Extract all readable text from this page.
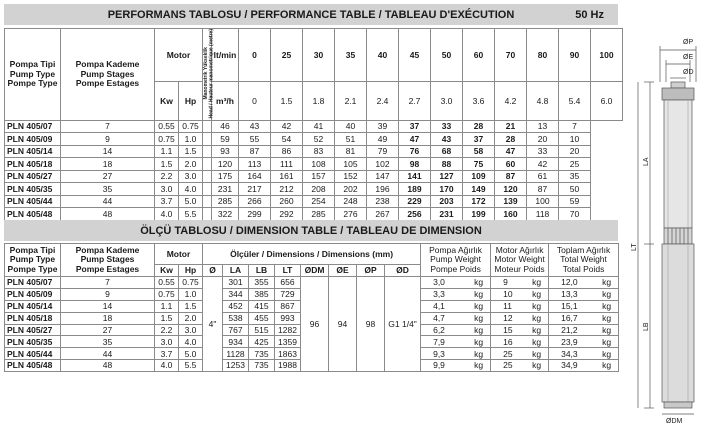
PERFORMANS TABLOSU / PERFORMANCE TABLE / TABLEAU D'EXÉCUTION	50 Hz
Pompa Tipi
Pump Type
Pompe Type	Pompa Kademe
Pump Stages
Pompe Estages	Motor		Manometrik Yükseklik
Head / Hauteur manometrique (metre)	lt/min	0	25	30	35	40	45	50	60	70	80	90	100
		Kw	Hp		m³/h	0	1.5	1.8	2.1	2.4	2.7	3.0	3.6	4.2	4.8	5.4	6.0
PLN 405/07	7	0.55	0.75		46	43	42	41	40	39	37	33	28	21	13	7	
PLN 405/09	9	0.75	1.0		59	55	54	52	51	49	47	43	37	28	20	10	
PLN 405/14	14	1.1	1.5		93	87	86	83	81	79	76	68	58	47	33	20	
PLN 405/18	18	1.5	2.0		120	113	111	108	105	102	98	88	75	60	42	25	
PLN 405/27	27	2.2	3.0		175	164	161	157	152	147	141	127	109	87	61	35	
PLN 405/35	35	3.0	4.0		231	217	212	208	202	196	189	170	149	120	87	50	
PLN 405/44	44	3.7	5.0		285	266	260	254	248	238	229	203	172	139	100	59	
PLN 405/48	48	4.0	5.5		322	299	292	285	276	267	256	231	199	160	118	70	
ÖLÇÜ TABLOSU / DIMENSION TABLE / TABLEAU DE DIMENSION
Pompa Tipi
Pump Type
Pompe Type	Pompa Kademe
Pump Stages
Pompe Estages	Motor		Ölçüler / Dimensions / Dimensions (mm)								Pompa Ağırlık
Pump Weight
Pompe Poids	Motor Ağırlık
Motor Weight
Moteur Poids	Toplam Ağırlık
Total Weight
Total Poids
		Kw	Hp	Ø	LA	LB	LT	ØDM	ØE	ØP	ØD			
PLN 405/07	7	0.55	0.75	4"	301	355	656	96	94	98	G1 1/4"	3,0 kg	9 kg	12,0 kg

PLN 405/09	9	0.75	1.0		344	385	729					3,3 kg	10 kg	13,3 kg

PLN 405/14	14	1.1	1.5		452	415	867					4,1 kg	11 kg	15,1 kg

PLN 405/18	18	1.5	2.0		538	455	993					4,7 kg	12 kg	16,7 kg

PLN 405/27	27	2.2	3.0		767	515	1282					6,2 kg	15 kg	21,2 kg

PLN 405/35	35	3.0	4.0		934	425	1359					7,9 kg	16 kg	23,9 kg

PLN 405/44	44	3.7	5.0		1128	735	1863					9,3 kg	25 kg	34,3 kg

PLN 405/48	48	4.0	5.5		1253	735	1988					9,9 kg	25 kg	34,9 kg
ØP
ØE
ØD
LA
LT
LB
ØDM
